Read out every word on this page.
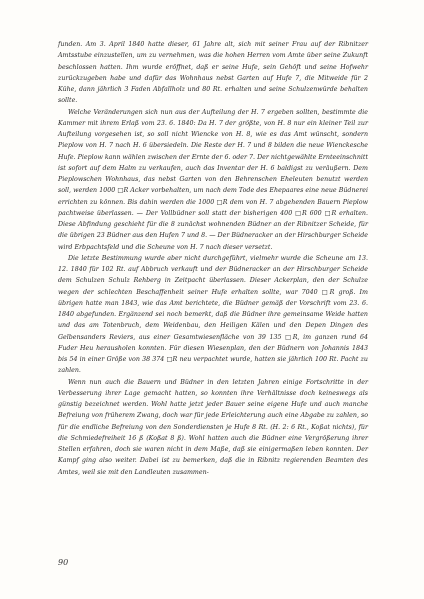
funden. Am 3. April 1840 hatte dieser, 61 Jahre alt, sich mit seiner Frau auf der Ribnitzer Amtsstube einzustellen, um zu vernehmen, was die hohen Herren vom Amte über seine Zukunft beschlossen hatten. Ihm wurde eröffnet, daß er seine Hufe, sein Gehöft und seine Hofwehr zurückzugeben habe und dafür das Wohnhaus nebst Garten auf Hufe 7, die Mitweide für 2 Kühe, dann jährlich 3 Faden Abfallholz und 80 Rt. erhalten und seine Schulzenwürde behalten sollte.

Welche Veränderungen sich nun aus der Aufteilung der H. 7 ergeben sollten, bestimmte die Kammer mit ihrem Erlaß vom 23. 6. 1840: Da H. 7 der größte, von H. 8 nur ein kleiner Teil zur Aufteilung vorgesehen ist, so soll nicht Wiencke von H. 8, wie es das Amt wünscht, sondern Pieplow von H. 7 nach H. 6 übersiedeln. Die Reste der H. 7 und 8 bilden die neue Wienckesche Hufe. Pieplow kann wählen zwischen der Ernte der 6. oder 7. Der nichtgewählte Ernteeinschnitt ist sofort auf dem Halm zu verkaufen, auch das Inventar der H. 6 baldigst zu veräußern. Dem Pieplowschen Wohnhaus, das nebst Garten von den Behrenschen Eheleuten benutzt werden soll, werden 1000 □R Acker vorbehalten, um nach dem Tode des Ehepaares eine neue Büdnerei errichten zu können. Bis dahin werden die 1000 □R dem von H. 7 abgehenden Bauern Pieplow pachtweise überlassen. — Der Vollbüdner soll statt der bisherigen 400 □R 600 □R erhalten. Diese Abfindung geschieht für die 8 zunächst wohnenden Büdner an der Ribnitzer Scheide, für die übrigen 23 Büdner aus den Hufen 7 und 8. — Der Büdneracker an der Hirschburger Scheide wird Erbpachtsfeld und die Scheune von H. 7 nach dieser versetzt.

Die letzte Bestimmung wurde aber nicht durchgeführt, vielmehr wurde die Scheune am 13. 12. 1840 für 102 Rt. auf Abbruch verkauft und der Büdneracker an der Hirschburger Scheide dem Schulzen Schulz Rehberg in Zeitpacht überlassen. Dieser Ackerplan, den der Schulze wegen der schlechten Beschaffenheit seiner Hufe erhalten sollte, war 7040 □R groß. Im übrigen hatte man 1843, wie das Amt berichtete, die Büdner gemäß der Vorschrift vom 23. 6. 1840 abgefunden. Ergänzend sei noch bemerkt, daß die Büdner ihre gemeinsame Weide hatten und das am Totenbruch, dem Weidenbau, den Heiligen Kälen und den Depen Dingen des Gelbensanders Reviers, aus einer Gesamtwiesenfläche von 39 135 □R, im ganzen rund 64 Fuder Heu herausholen konnten. Für diesen Wiesenplan, den der Büdnern von Johannis 1843 bis 54 in einer Größe von 38 374 □R neu verpachtet wurde, hatten sie jährlich 100 Rt. Pacht zu zahlen.

Wenn nun auch die Bauern und Büdner in den letzten Jahren einige Fortschritte in der Verbesserung ihrer Lage gemacht hatten, so konnten ihre Verhältnisse doch keineswegs als günstig bezeichnet werden. Wohl hatte jetzt jeder Bauer seine eigene Hufe und auch manche Befreiung von früherem Zwang, doch war für jede Erleichterung auch eine Abgabe zu zahlen, so für die endliche Befreiung von den Sonderdiensten je Hufe 8 Rt. (H. 2: 6 Rt., Koßat nichts), für die Schmiedefreiheit 16 ß (Koßat 8 ß). Wohl hatten auch die Büdner eine Vergrößerung ihrer Stellen erfahren, doch sie waren nicht in dem Maße, daß sie einigermaßen leben konnten. Der Kampf ging also weiter. Dabei ist zu bemerken, daß die in Ribnitz regierenden Beamten des Amtes, weil sie mit den Landleuten zusammen-

90
